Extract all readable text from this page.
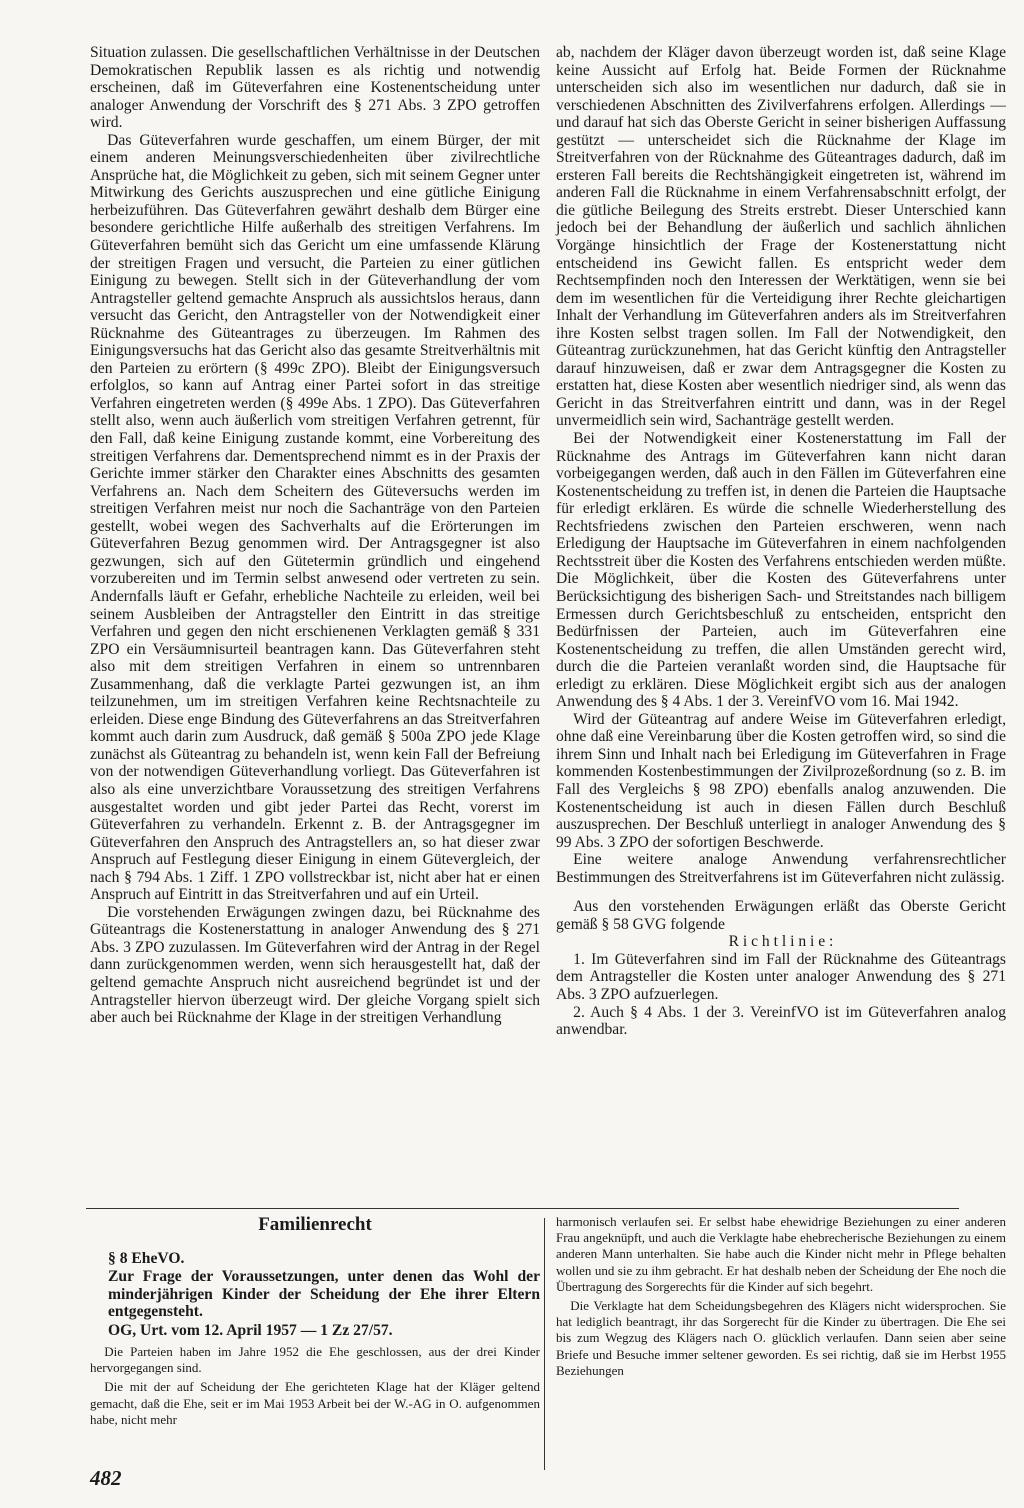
Situation zulassen. Die gesellschaftlichen Verhältnisse in der Deutschen Demokratischen Republik lassen es als richtig und notwendig erscheinen, daß im Güteverfahren eine Kostenentscheidung unter analoger Anwendung der Vorschrift des § 271 Abs. 3 ZPO getroffen wird.

Das Güteverfahren wurde geschaffen, um einem Bürger, der mit einem anderen Meinungsverschiedenheiten über zivilrechtliche Ansprüche hat, die Möglichkeit zu geben, sich mit seinem Gegner unter Mitwirkung des Gerichts auszusprechen und eine gütliche Einigung herbeizuführen. Das Güteverfahren gewährt deshalb dem Bürger eine besondere gerichtliche Hilfe außerhalb des streitigen Verfahrens. Im Güteverfahren bemüht sich das Gericht um eine umfassende Klärung der streitigen Fragen und versucht, die Parteien zu einer gütlichen Einigung zu bewegen. Stellt sich in der Güteverhandlung der vom Antragsteller geltend gemachte Anspruch als aussichtslos heraus, dann versucht das Gericht, den Antragsteller von der Notwendigkeit einer Rücknahme des Güteantrages zu überzeugen. Im Rahmen des Einigungsversuchs hat das Gericht also das gesamte Streitverhältnis mit den Parteien zu erörtern (§ 499c ZPO). Bleibt der Einigungsversuch erfolglos, so kann auf Antrag einer Partei sofort in das streitige Verfahren eingetreten werden (§ 499e Abs. 1 ZPO). Das Güteverfahren stellt also, wenn auch äußerlich vom streitigen Verfahren getrennt, für den Fall, daß keine Einigung zustande kommt, eine Vorbereitung des streitigen Verfahrens dar. Dementsprechend nimmt es in der Praxis der Gerichte immer stärker den Charakter eines Abschnitts des gesamten Verfahrens an. Nach dem Scheitern des Güteversuchs werden im streitigen Verfahren meist nur noch die Sachanträge von den Parteien gestellt, wobei wegen des Sachverhalts auf die Erörterungen im Güteverfahren Bezug genommen wird. Der Antragsgegner ist also gezwungen, sich auf den Gütetermin gründlich und eingehend vorzubereiten und im Termin selbst anwesend oder vertreten zu sein. Andernfalls läuft er Gefahr, erhebliche Nachteile zu erleiden, weil bei seinem Ausbleiben der Antragsteller den Eintritt in das streitige Verfahren und gegen den nicht erschienenen Verklagten gemäß § 331 ZPO ein Versäumnisurteil beantragen kann. Das Güteverfahren steht also mit dem streitigen Verfahren in einem so untrennbaren Zusammenhang, daß die verklagte Partei gezwungen ist, an ihm teilzunehmen, um im streitigen Verfahren keine Rechtsnachteile zu erleiden. Diese enge Bindung des Güteverfahrens an das Streitverfahren kommt auch darin zum Ausdruck, daß gemäß § 500a ZPO jede Klage zunächst als Güteantrag zu behandeln ist, wenn kein Fall der Befreiung von der notwendigen Güteverhandlung vorliegt. Das Güteverfahren ist also als eine unverzichtbare Voraussetzung des streitigen Verfahrens ausgestaltet worden und gibt jeder Partei das Recht, vorerst im Güteverfahren zu verhandeln. Erkennt z. B. der Antragsgegner im Güteverfahren den Anspruch des Antragstellers an, so hat dieser zwar Anspruch auf Festlegung dieser Einigung in einem Gütevergleich, der nach § 794 Abs. 1 Ziff. 1 ZPO vollstreckbar ist, nicht aber hat er einen Anspruch auf Eintritt in das Streitverfahren und auf ein Urteil.

Die vorstehenden Erwägungen zwingen dazu, bei Rücknahme des Güteantrags die Kostenerstattung in analoger Anwendung des § 271 Abs. 3 ZPO zuzulassen. Im Güteverfahren wird der Antrag in der Regel dann zurückgenommen werden, wenn sich herausgestellt hat, daß der geltend gemachte Anspruch nicht ausreichend begründet ist und der Antragsteller hiervon überzeugt wird. Der gleiche Vorgang spielt sich aber auch bei Rücknahme der Klage in der streitigen Verhandlung

ab, nachdem der Kläger davon überzeugt worden ist, daß seine Klage keine Aussicht auf Erfolg hat. Beide Formen der Rücknahme unterscheiden sich also im wesentlichen nur dadurch, daß sie in verschiedenen Abschnitten des Zivilverfahrens erfolgen. Allerdings — und darauf hat sich das Oberste Gericht in seiner bisherigen Auffassung gestützt — unterscheidet sich die Rücknahme der Klage im Streitverfahren von der Rücknahme des Güteantrages dadurch, daß im ersteren Fall bereits die Rechtshängigkeit eingetreten ist, während im anderen Fall die Rücknahme in einem Verfahrensabschnitt erfolgt, der die gütliche Beilegung des Streits erstrebt. Dieser Unterschied kann jedoch bei der Behandlung der äußerlich und sachlich ähnlichen Vorgänge hinsichtlich der Frage der Kostenerstattung nicht entscheidend ins Gewicht fallen. Es entspricht weder dem Rechtsempfinden noch den Interessen der Werktätigen, wenn sie bei dem im wesentlichen für die Verteidigung ihrer Rechte gleichartigen Inhalt der Verhandlung im Güteverfahren anders als im Streitverfahren ihre Kosten selbst tragen sollen. Im Fall der Notwendigkeit, den Güteantrag zurückzunehmen, hat das Gericht künftig den Antragsteller darauf hinzuweisen, daß er zwar dem Antragsgegner die Kosten zu erstatten hat, diese Kosten aber wesentlich niedriger sind, als wenn das Gericht in das Streitverfahren eintritt und dann, was in der Regel unvermeidlich sein wird, Sachanträge gestellt werden.

Bei der Notwendigkeit einer Kostenerstattung im Fall der Rücknahme des Antrags im Güteverfahren kann nicht daran vorbeigegangen werden, daß auch in den Fällen im Güteverfahren eine Kostenentscheidung zu treffen ist, in denen die Parteien die Hauptsache für erledigt erklären. Es würde die schnelle Wiederherstellung des Rechtsfriedens zwischen den Parteien erschweren, wenn nach Erledigung der Hauptsache im Güteverfahren in einem nachfolgenden Rechtsstreit über die Kosten des Verfahrens entschieden werden müßte. Die Möglichkeit, über die Kosten des Güteverfahrens unter Berücksichtigung des bisherigen Sach- und Streitstandes nach billigem Ermessen durch Gerichtsbeschluß zu entscheiden, entspricht den Bedürfnissen der Parteien, auch im Güteverfahren eine Kostenentscheidung zu treffen, die allen Umständen gerecht wird, durch die die Parteien veranlaßt worden sind, die Hauptsache für erledigt zu erklären. Diese Möglichkeit ergibt sich aus der analogen Anwendung des § 4 Abs. 1 der 3. VereinfVO vom 16. Mai 1942.

Wird der Güteantrag auf andere Weise im Güteverfahren erledigt, ohne daß eine Vereinbarung über die Kosten getroffen wird, so sind die ihrem Sinn und Inhalt nach bei Erledigung im Güteverfahren in Frage kommenden Kostenbestimmungen der Zivilprozeßordnung (so z. B. im Fall des Vergleichs § 98 ZPO) ebenfalls analog anzuwenden. Die Kostenentscheidung ist auch in diesen Fällen durch Beschluß auszusprechen. Der Beschluß unterliegt in analoger Anwendung des § 99 Abs. 3 ZPO der sofortigen Beschwerde.

Eine weitere analoge Anwendung verfahrensrechtlicher Bestimmungen des Streitverfahrens ist im Güteverfahren nicht zulässig.

Aus den vorstehenden Erwägungen erläßt das Oberste Gericht gemäß § 58 GVG folgende

R i c h t l i n i e :

1. Im Güteverfahren sind im Fall der Rücknahme des Güteantrags dem Antragsteller die Kosten unter analoger Anwendung des § 271 Abs. 3 ZPO aufzuerlegen.

2. Auch § 4 Abs. 1 der 3. VereinfVO ist im Güteverfahren analog anwendbar.

Familienrecht
§ 8 EheVO.
Zur Frage der Voraussetzungen, unter denen das Wohl der minderjährigen Kinder der Scheidung der Ehe ihrer Eltern entgegensteht.
OG, Urt. vom 12. April 1957 — 1 Zz 27/57.

Die Parteien haben im Jahre 1952 die Ehe geschlossen, aus der drei Kinder hervorgegangen sind.

Die mit der auf Scheidung der Ehe gerichteten Klage hat der Kläger geltend gemacht, daß die Ehe, seit er im Mai 1953 Arbeit bei der W.-AG in O. aufgenommen habe, nicht mehr

harmonisch verlaufen sei. Er selbst habe ehewidrige Beziehungen zu einer anderen Frau angeknüpft, und auch die Verklagte habe ehebrecherische Beziehungen zu einem anderen Mann unterhalten. Sie habe auch die Kinder nicht mehr in Pflege behalten wollen und sie zu ihm gebracht. Er hat deshalb neben der Scheidung der Ehe noch die Übertragung des Sorgerechts für die Kinder auf sich begehrt.

Die Verklagte hat dem Scheidungsbegehren des Klägers nicht widersprochen. Sie hat lediglich beantragt, ihr das Sorgerecht für die Kinder zu übertragen. Die Ehe sei bis zum Wegzug des Klägers nach O. glücklich verlaufen. Dann seien aber seine Briefe und Besuche immer seltener geworden. Es sei richtig, daß sie im Herbst 1955 Beziehungen

482
